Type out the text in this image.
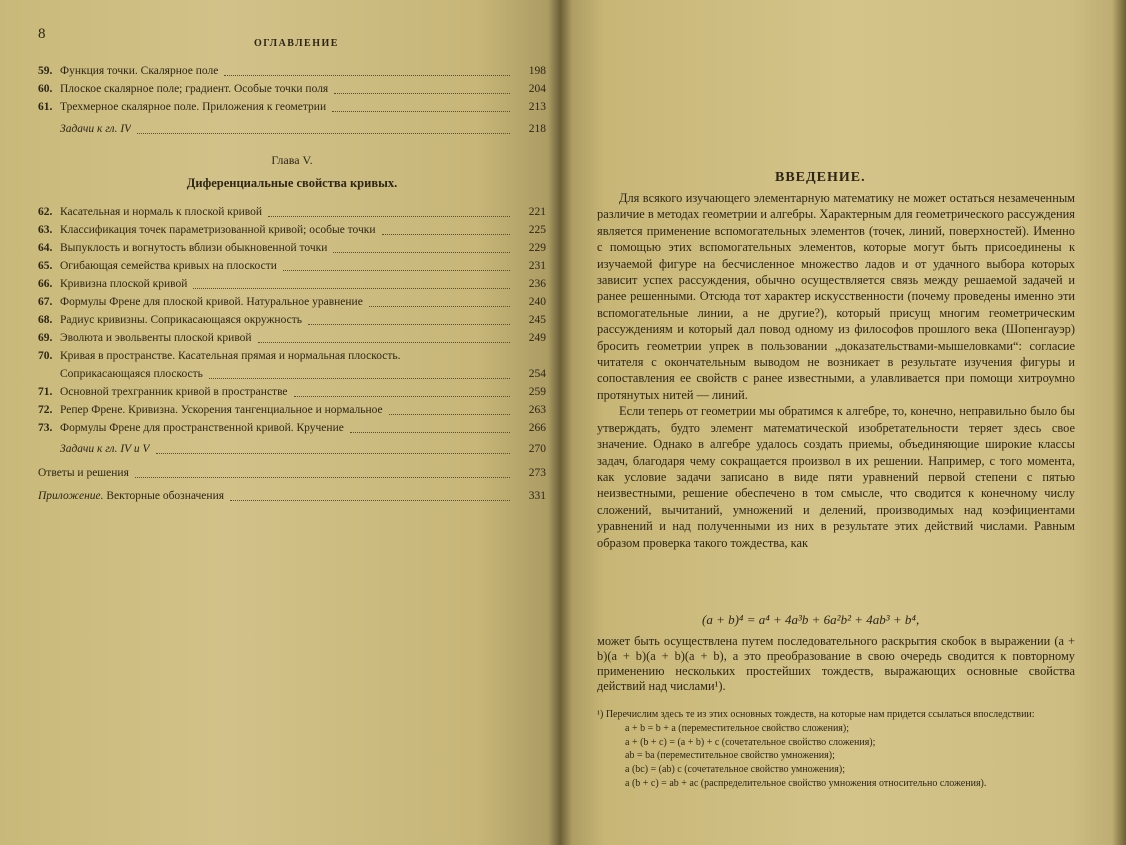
8
ОГЛАВЛЕНИЕ
59. Функция точки. Скалярное поле	198
60. Плоское скалярное поле; градиент. Особые точки поля	204
61. Трехмерное скалярное поле. Приложения к геометрии	213
Задачи к гл. IV	218
Глава V.
Диференциальные свойства кривых.
62. Касательная и нормаль к плоской кривой	221
63. Классификация точек параметризованной кривой; особые точки	225
64. Выпуклость и вогнутость вблизи обыкновенной точки	229
65. Огибающая семейства кривых на плоскости	231
66. Кривизна плоской кривой	236
67. Формулы Френе для плоской кривой. Натуральное уравнение	240
68. Радиус кривизны. Соприкасающаяся окружность	245
69. Эволюта и эвольвенты плоской кривой	249
70. Кривая в пространстве. Касательная прямая и нормальная плоскость.
Соприкасающаяся плоскость	254
71. Основной трехгранник кривой в пространстве	259
72. Репер Френе. Кривизна. Ускорения тангенциальное и нормальное	263
73. Формулы Френе для пространственной кривой. Кручение	266
Задачи к гл. IV и V	270
Ответы и решения	273
Приложение. Векторные обозначения	331
ВВЕДЕНИЕ.

Для всякого изучающего элементарную математику не может остаться незамеченным различие в методах геометрии и алгебры. Характерным для геометрического рассуждения является применение вспомогательных элементов (точек, линий, поверхностей). Именно с помощью этих вспомогательных элементов, которые могут быть присоединены к изучаемой фигуре на бесчисленное множество ладов и от удачного выбора которых зависит успех рассуждения, обычно осуществляется связь между решаемой задачей и ранее решенными. Отсюда тот характер искусственности (почему проведены именно эти вспомогательные линии, а не другие?), который присущ многим геометрическим рассуждениям и который дал повод одному из философов прошлого века (Шопенгауэр) бросить геометрии упрек в пользовании „доказательствами-мышеловками“: согласие читателя с окончательным выводом не возникает в результате изучения фигуры и сопоставления ее свойств с ранее известными, а улавливается при помощи хитроумно протянутых нитей — линий.

Если теперь от геометрии мы обратимся к алгебре, то, конечно, неправильно было бы утверждать, будто элемент математической изобретательности теряет здесь свое значение. Однако в алгебре удалось создать приемы, объединяющие широкие классы задач, благодаря чему сокращается произвол в их решении. Например, с того момента, как условие задачи записано в виде пяти уравнений первой степени с пятью неизвестными, решение обеспечено в том смысле, что сводится к конечному числу сложений, вычитаний, умножений и делений, производимых над коэфициентами уравнений и над полученными из них в результате этих действий числами. Равным образом проверка такого тождества, как

(a + b)⁴ = a⁴ + 4a³b + 6a²b² + 4ab³ + b⁴,

может быть осуществлена путем последовательного раскрытия скобок в выражении (a + b)(a + b)(a + b)(a + b), а это преобразование в свою очередь сводится к повторному применению нескольких простейших тождеств, выражающих основные свойства действий над числами¹).

¹) Перечислим здесь те из этих основных тождеств, на которые нам придется ссылаться впоследствии:

a + b = b + a (переместительное свойство сложения);

a + (b + c) = (a + b) + c (сочетательное свойство сложения);

ab = ba (переместительное свойство умножения);

a (bc) = (ab) c (сочетательное свойство умножения);

a (b + c) = ab + ac (распределительное свойство умножения относительно сложения).
